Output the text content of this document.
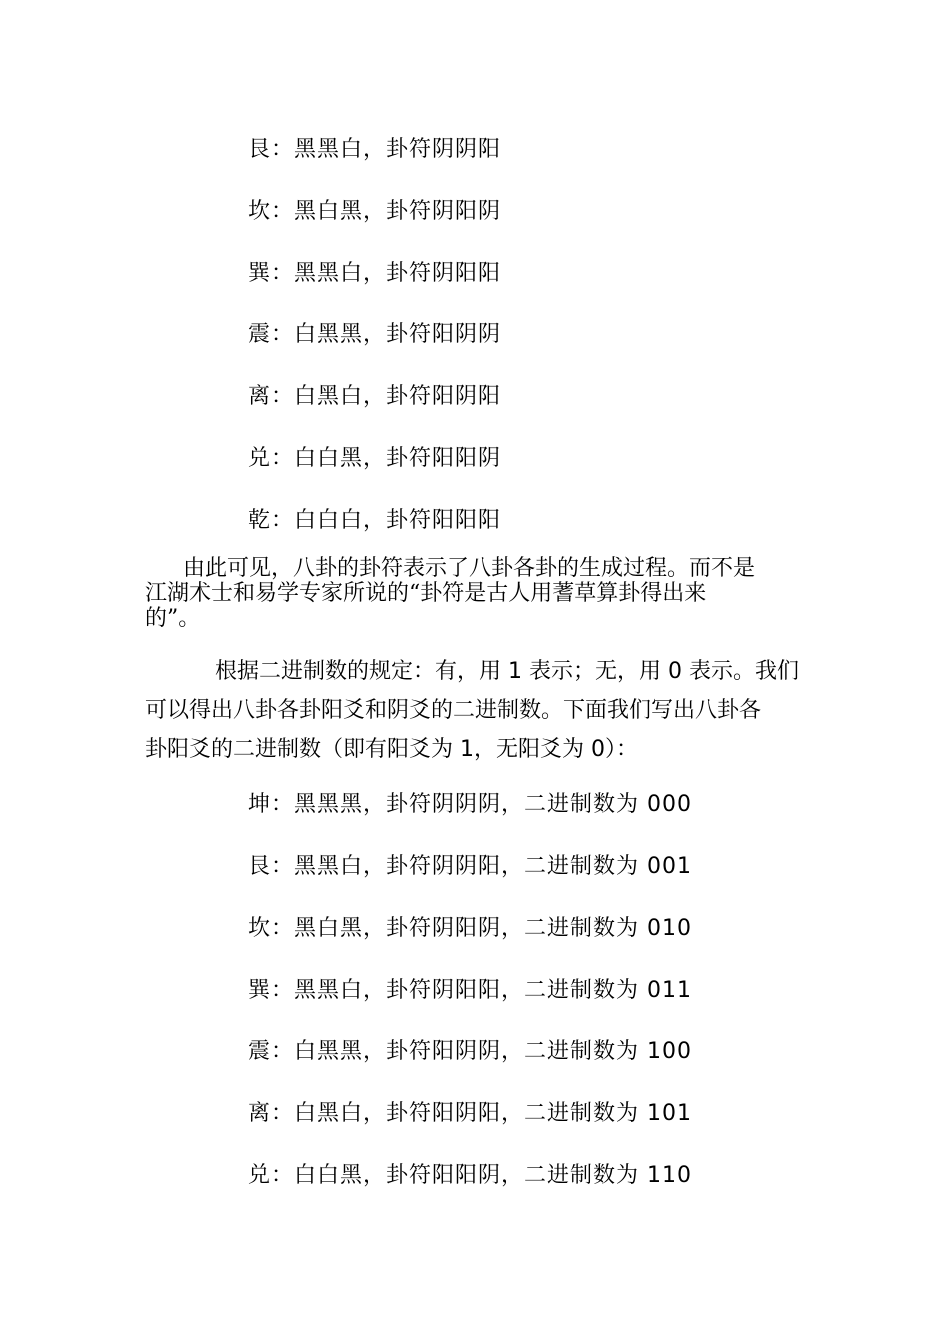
艮：黑黑白，卦符阴阴阳
坎：黑白黑，卦符阴阳阴
巽：黑黑白，卦符阴阳阳
震：白黑黑，卦符阳阴阴
离：白黑白，卦符阳阴阳
兑：白白黑，卦符阳阳阴
乾：白白白，卦符阳阳阳
由此可见，八卦的卦符表示了八卦各卦的生成过程。而不是
江湖术士和易学专家所说的“卦符是古人用蓍草算卦得出来
的”。
根据二进制数的规定：有，用 1 表示；无，用 0 表示。我们
可以得出八卦各卦阳爻和阴爻的二进制数。下面我们写出八卦各
卦阳爻的二进制数（即有阳爻为 1，无阳爻为 0）：
坤：黑黑黑，卦符阴阴阴，二进制数为 000
艮：黑黑白，卦符阴阴阳，二进制数为 001
坎：黑白黑，卦符阴阳阴，二进制数为 010
巽：黑黑白，卦符阴阳阳，二进制数为 011
震：白黑黑，卦符阳阴阴，二进制数为 100
离：白黑白，卦符阳阴阳，二进制数为 101
兑：白白黑，卦符阳阳阴，二进制数为 110
